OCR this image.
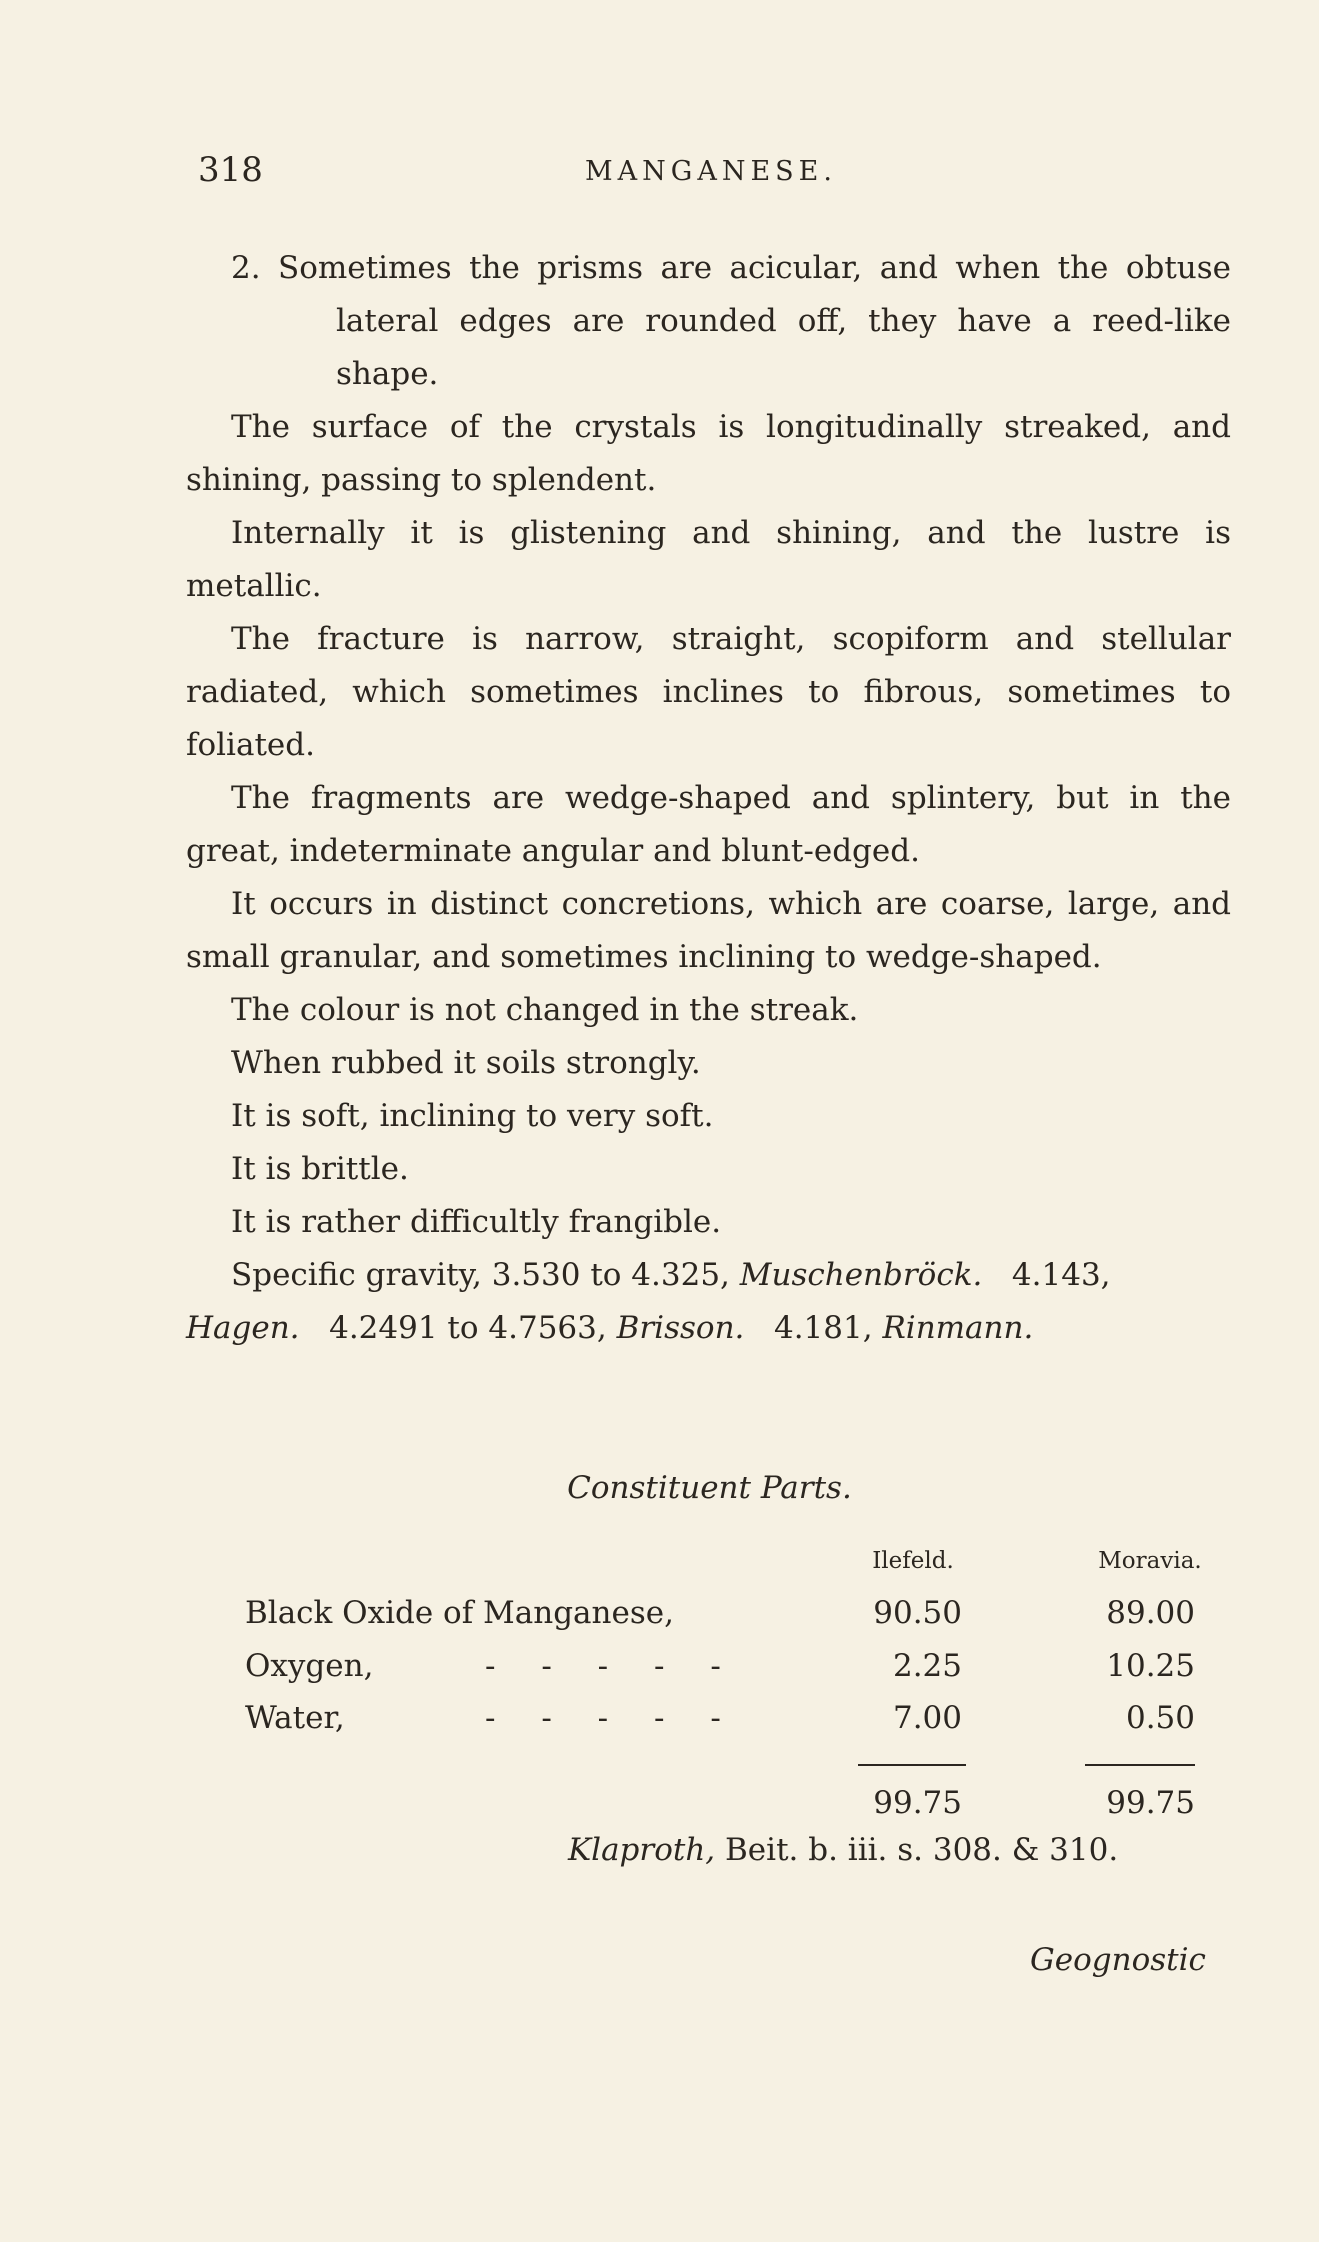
318	MANGANESE.

2. Sometimes the prisms are acicular, and when the obtuse lateral edges are rounded off, they have a reed-like shape.

The surface of the crystals is longitudinally streaked, and shining, passing to splendent.

Internally it is glistening and shining, and the lustre is metallic.

The fracture is narrow, straight, scopiform and stellular radiated, which sometimes inclines to fibrous, sometimes to foliated.

The fragments are wedge-shaped and splintery, but in the great, indeterminate angular and blunt-edged.

It occurs in distinct concretions, which are coarse, large, and small granular, and sometimes inclining to wedge-shaped.

The colour is not changed in the streak.

When rubbed it soils strongly.

It is soft, inclining to very soft.

It is brittle.

It is rather difficultly frangible.

Specific gravity, 3.530 to 4.325, Muschenbröck. 4.143, Hagen. 4.2491 to 4.7563, Brisson. 4.181, Rinmann.

Constituent Parts.
Ilefeld.	Moravia.
Black Oxide of Manganese,	90.50	89.00
Oxygen,	- - - - -	2.25	10.25
Water,	- - - - -	7.00	0.50
99.75	99.75
Klaproth, Beit. b. iii. s. 308. & 310.
Geognostic
